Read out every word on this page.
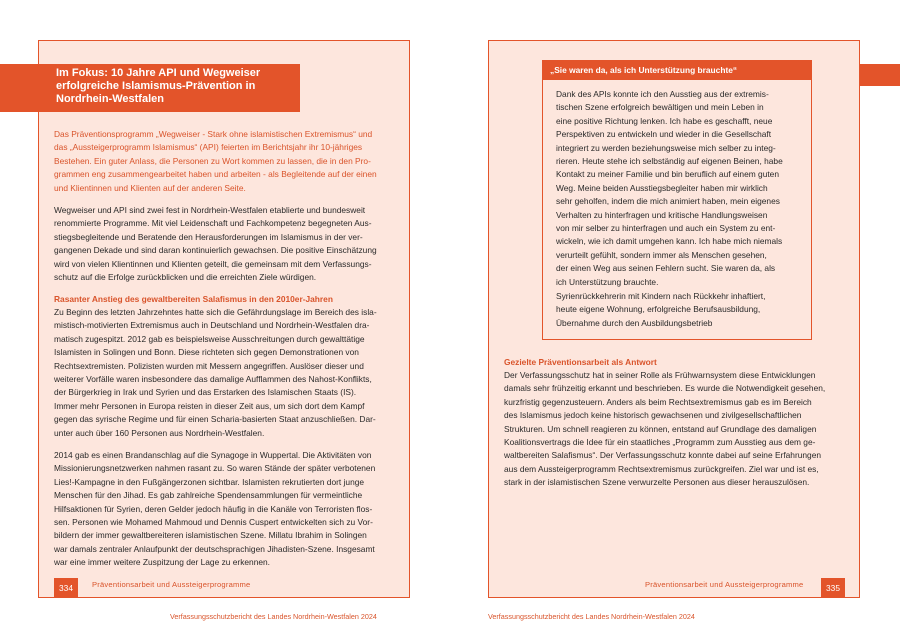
Im Fokus: 10 Jahre API und Wegweiser erfolgreiche Islamismus-Prävention in Nordrhein-Westfalen
Das Präventionsprogramm „Wegweiser - Stark ohne islamistischen Extremismus“ und
das „Aussteigerprogramm Islamismus“ (API) feierten im Berichtsjahr ihr 10-jähriges
Bestehen. Ein guter Anlass, die Personen zu Wort kommen zu lassen, die in den Pro-
grammen eng zusammengearbeitet haben und arbeiten - als Begleitende auf der einen
und Klientinnen und Klienten auf der anderen Seite.
Wegweiser und API sind zwei fest in Nordrhein-Westfalen etablierte und bundesweit
renommierte Programme. Mit viel Leidenschaft und Fachkompetenz begegneten Aus-
stiegsbegleitende und Beratende den Herausforderungen im Islamismus in der ver-
gangenen Dekade und sind daran kontinuierlich gewachsen. Die positive Einschätzung
wird von vielen Klientinnen und Klienten geteilt, die gemeinsam mit dem Verfassungs-
schutz auf die Erfolge zurückblicken und die erreichten Ziele würdigen.
Rasanter Anstieg des gewaltbereiten Salafismus in den 2010er-Jahren
Zu Beginn des letzten Jahrzehntes hatte sich die Gefährdungslage im Bereich des isla-
mistisch-motivierten Extremismus auch in Deutschland und Nordrhein-Westfalen dra-
matisch zugespitzt. 2012 gab es beispielsweise Ausschreitungen durch gewalttätige
Islamisten in Solingen und Bonn. Diese richteten sich gegen Demonstrationen von
Rechtsextremisten. Polizisten wurden mit Messern angegriffen. Auslöser dieser und
weiterer Vorfälle waren insbesondere das damalige Aufflammen des Nahost-Konflikts,
der Bürgerkrieg in Irak und Syrien und das Erstarken des Islamischen Staats (IS).
Immer mehr Personen in Europa reisten in dieser Zeit aus, um sich dort dem Kampf
gegen das syrische Regime und für einen Scharia-basierten Staat anzuschließen. Dar-
unter auch über 160 Personen aus Nordrhein-Westfalen.
2014 gab es einen Brandanschlag auf die Synagoge in Wuppertal. Die Aktivitäten von
Missionierungsnetzwerken nahmen rasant zu. So waren Stände der später verbotenen
Lies!-Kampagne in den Fußgängerzonen sichtbar. Islamisten rekrutierten dort junge
Menschen für den Jihad. Es gab zahlreiche Spendensammlungen für vermeintliche
Hilfsaktionen für Syrien, deren Gelder jedoch häufig in die Kanäle von Terroristen flos-
sen. Personen wie Mohamed Mahmoud und Dennis Cuspert entwickelten sich zu Vor-
bildern der immer gewaltbereiteren islamistischen Szene. Millatu Ibrahim in Solingen
war damals zentraler Anlaufpunkt der deutschsprachigen Jihadisten-Szene. Insgesamt
war eine immer weitere Zuspitzung der Lage zu erkennen.
334	Präventionsarbeit und Aussteigerprogramme
Verfassungsschutzbericht des Landes Nordrhein-Westfalen 2024
„Sie waren da, als ich Unterstützung brauchte“
Dank des APIs konnte ich den Ausstieg aus der extremis-
tischen Szene erfolgreich bewältigen und mein Leben in
eine positive Richtung lenken. Ich habe es geschafft, neue
Perspektiven zu entwickeln und wieder in die Gesellschaft
integriert zu werden beziehungsweise mich selber zu integ-
rieren. Heute stehe ich selbständig auf eigenen Beinen, habe
Kontakt zu meiner Familie und bin beruflich auf einem guten
Weg. Meine beiden Ausstiegsbegleiter haben mir wirklich
sehr geholfen, indem die mich animiert haben, mein eigenes
Verhalten zu hinterfragen und kritische Handlungsweisen
von mir selber zu hinterfragen und auch ein System zu ent-
wickeln, wie ich damit umgehen kann. Ich habe mich niemals
verurteilt gefühlt, sondern immer als Menschen gesehen,
der einen Weg aus seinen Fehlern sucht. Sie waren da, als
ich Unterstützung brauchte.
Syrienrückkehrerin mit Kindern nach Rückkehr inhaftiert,
heute eigene Wohnung, erfolgreiche Berufsausbildung,
Übernahme durch den Ausbildungsbetrieb
Gezielte Präventionsarbeit als Antwort
Der Verfassungsschutz hat in seiner Rolle als Frühwarnsystem diese Entwicklungen
damals sehr frühzeitig erkannt und beschrieben. Es wurde die Notwendigkeit gesehen,
kurzfristig gegenzusteuern. Anders als beim Rechtsextremismus gab es im Bereich
des Islamismus jedoch keine historisch gewachsenen und zivilgesellschaftlichen
Strukturen. Um schnell reagieren zu können, entstand auf Grundlage des damaligen
Koalitionsvertrags die Idee für ein staatliches „Programm zum Ausstieg aus dem ge-
waltbereiten Salafismus“. Der Verfassungsschutz konnte dabei auf seine Erfahrungen
aus dem Aussteigerprogramm Rechtsextremismus zurückgreifen. Ziel war und ist es,
stark in der islamistischen Szene verwurzelte Personen aus dieser herauszulösen.
335
Präventionsarbeit und Aussteigerprogramme
Verfassungsschutzbericht des Landes Nordrhein-Westfalen 2024
